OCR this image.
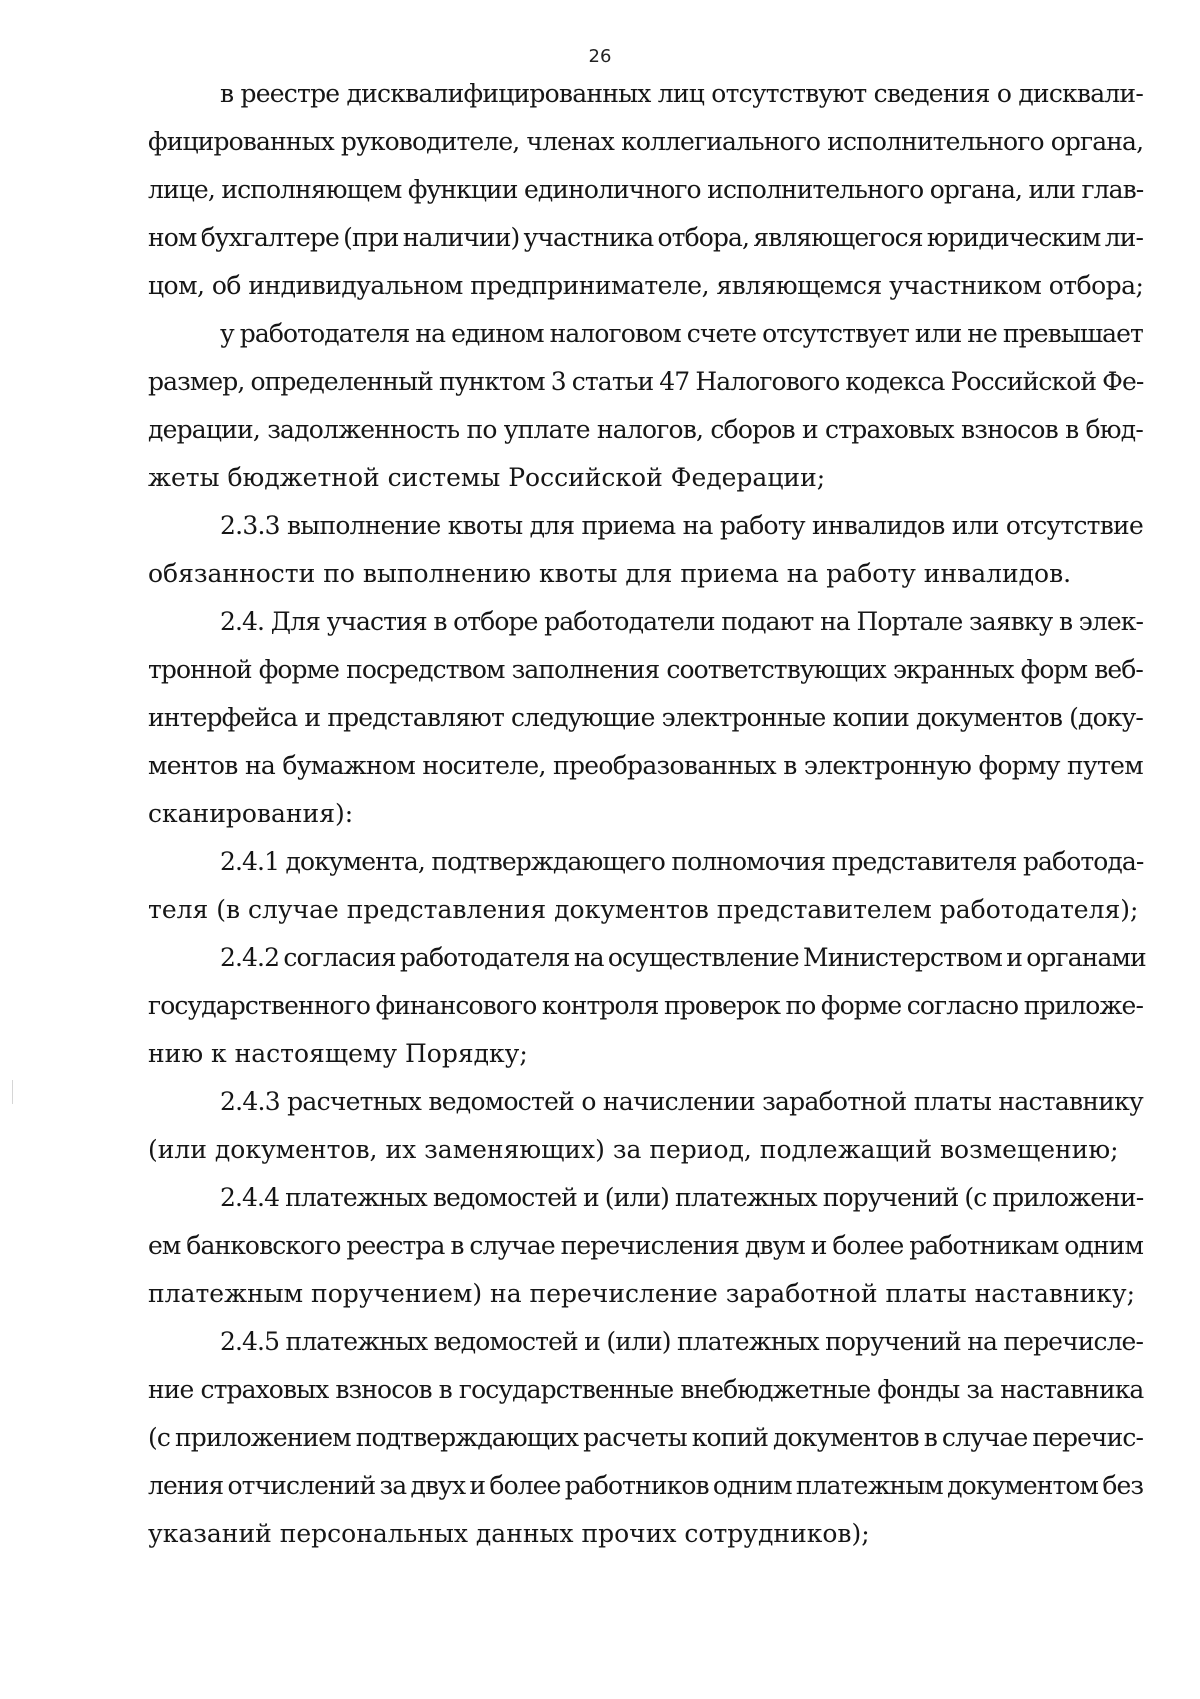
26
в реестре дисквалифицированных лиц отсутствуют сведения о дисквали-
фицированных руководителе, членах коллегиального исполнительного органа,
лице, исполняющем функции единоличного исполнительного органа, или глав-
ном бухгалтере (при наличии) участника отбора, являющегося юридическим ли-
цом, об индивидуальном предпринимателе, являющемся участником отбора;
у работодателя на едином налоговом счете отсутствует или не превышает
размер, определенный пунктом 3 статьи 47 Налогового кодекса Российской Фе-
дерации, задолженность по уплате налогов, сборов и страховых взносов в бюд-
жеты бюджетной системы Российской Федерации;
2.3.3 выполнение квоты для приема на работу инвалидов или отсутствие
обязанности по выполнению квоты для приема на работу инвалидов.
2.4. Для участия в отборе работодатели подают на Портале заявку в элек-
тронной форме посредством заполнения соответствующих экранных форм веб-
интерфейса и представляют следующие электронные копии документов (доку-
ментов на бумажном носителе, преобразованных в электронную форму путем
сканирования):
2.4.1 документа, подтверждающего полномочия представителя работода-
теля (в случае представления документов представителем работодателя);
2.4.2 согласия работодателя на осуществление Министерством и органами
государственного финансового контроля проверок по форме согласно приложе-
нию к настоящему Порядку;
2.4.3 расчетных ведомостей о начислении заработной платы наставнику
(или документов, их заменяющих) за период, подлежащий возмещению;
2.4.4 платежных ведомостей и (или) платежных поручений (с приложени-
ем банковского реестра в случае перечисления двум и более работникам одним
платежным поручением) на перечисление заработной платы наставнику;
2.4.5 платежных ведомостей и (или) платежных поручений на перечисле-
ние страховых взносов в государственные внебюджетные фонды за наставника
(с приложением подтверждающих расчеты копий документов в случае перечис-
ления отчислений за двух и более работников одним платежным документом без
указаний персональных данных прочих сотрудников);
